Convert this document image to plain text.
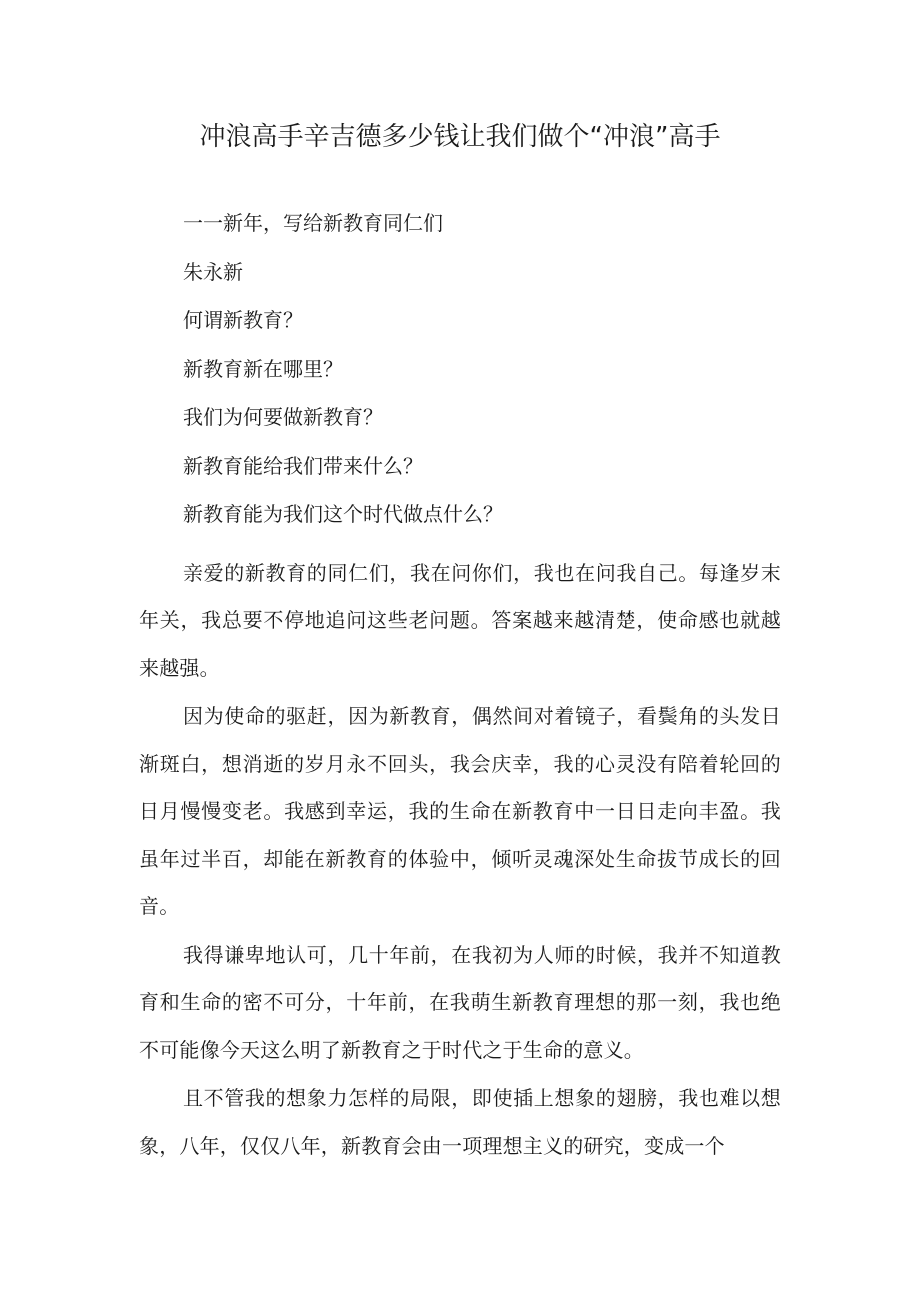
冲浪高手辛吉德多少钱让我们做个“冲浪”高手

一一新年，写给新教育同仁们

朱永新

何谓新教育？

新教育新在哪里？

我们为何要做新教育？

新教育能给我们带来什么？

新教育能为我们这个时代做点什么？

亲爱的新教育的同仁们，我在问你们，我也在问我自己。每逢岁末年关，我总要不停地追问这些老问题。答案越来越清楚，使命感也就越来越强。

因为使命的驱赶，因为新教育，偶然间对着镜子，看鬓角的头发日渐斑白，想消逝的岁月永不回头，我会庆幸，我的心灵没有陪着轮回的日月慢慢变老。我感到幸运，我的生命在新教育中一日日走向丰盈。我虽年过半百，却能在新教育的体验中，倾听灵魂深处生命拔节成长的回音。

我得谦卑地认可，几十年前，在我初为人师的时候，我并不知道教育和生命的密不可分，十年前，在我萌生新教育理想的那一刻，我也绝不可能像今天这么明了新教育之于时代之于生命的意义。

且不管我的想象力怎样的局限，即使插上想象的翅膀，我也难以想象，八年，仅仅八年，新教育会由一项理想主义的研究，变成一个
